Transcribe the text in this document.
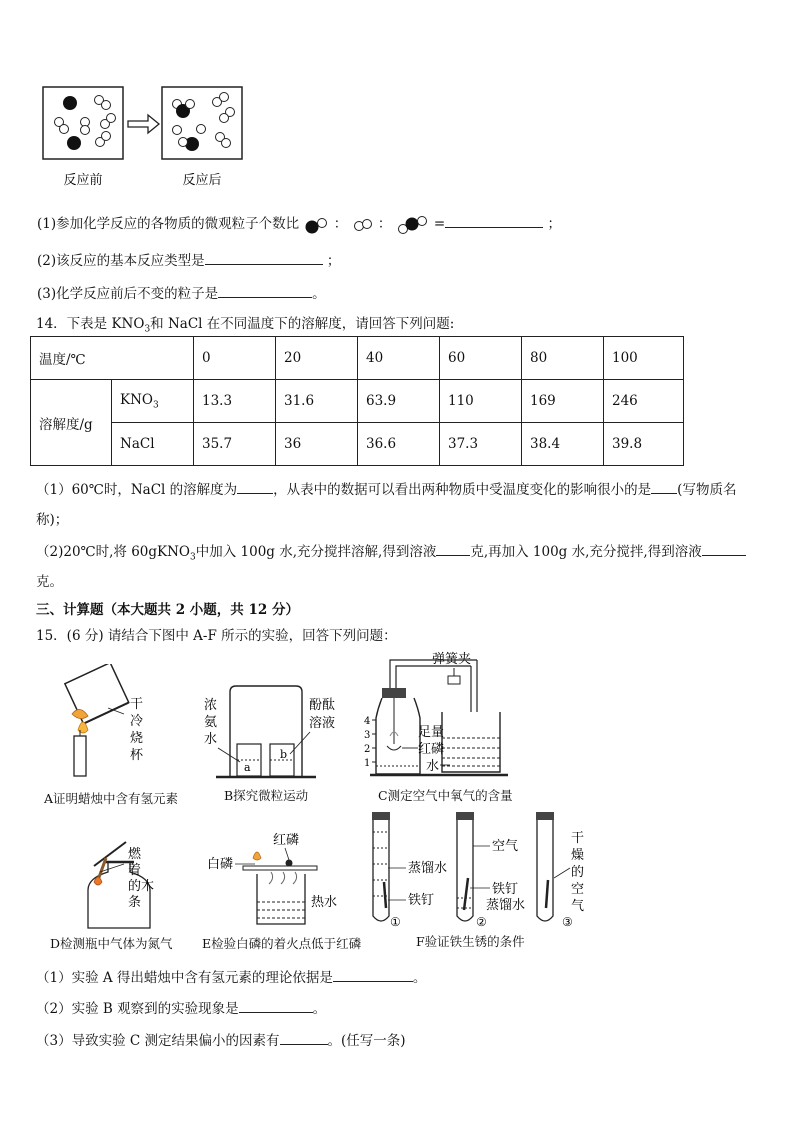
反应前	反应后
(1)参加化学反应的各物质的微观粒子个数比	： ：	=	；
(2)该反应的基本反应类型是	；
(3)化学反应前后不变的粒子是	。
14．下表是 $KNO_3$和 NaCl 在不同温度下的溶解度，请回答下列问题:
温度/℃		0	20	40	60	80	100
溶解度/g	$KNO_3$	13.3	31.6	63.9	110	169	246
	NaCl	35.7	36	36.6	37.3	38.4	39.8
（1）60℃时，NaCl 的溶解度为	，从表中的数据可以看出两种物质中受温度变化的影响很小的是 (写物质名
称)；
（2)20℃时,将 60gKNO$_3$中加入 100g 水,充分搅拌溶解,得到溶液	克,再加入 100g 水,充分搅拌,得到溶液
克。
三、计算题（本大题共 2 小题，共 12 分）
15．(6 分) 请结合下图中 A-F 所示的实验，回答下列问题：
干
冷
烧
杯
A证明蜡烛中含有氢元素
a
b
浓
氨
水
酚酞
溶液
B探究微粒运动
弹簧夹
4
3
2
1
足量
红磷
水
C测定空气中氧气的含量
燃
着
的木
条
D检测瓶中气体为氮气
红磷
白磷
热水
E检验白磷的着火点低于红磷
蒸馏水
铁钉
①
空气
铁钉
蒸馏水
②
干
燥
的
空
气
③
F验证铁生锈的条件
（1）实验 A 得出蜡烛中含有氢元素的理论依据是	。
（2）实验 B 观察到的实验现象是	。
（3）导致实验 C 测定结果偏小的因素有	。(任写一条)
